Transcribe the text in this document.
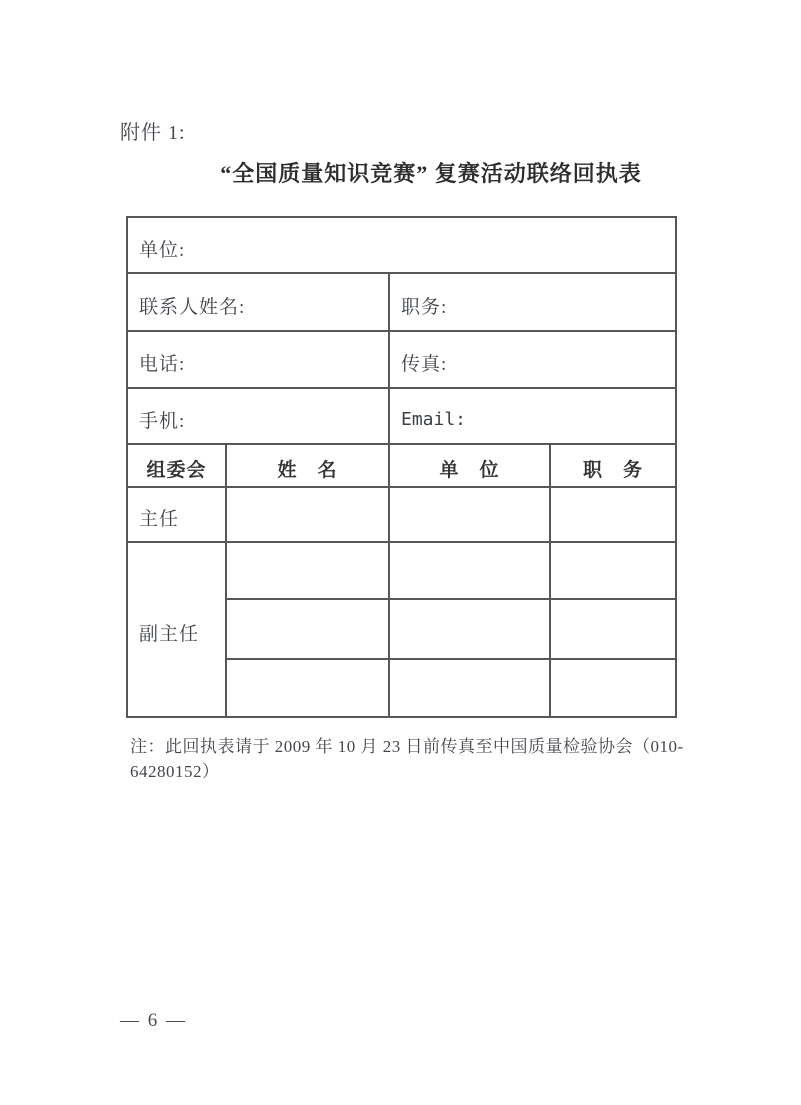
附件 1:
“全国质量知识竞赛” 复赛活动联络回执表
单位:			
联系人姓名:		职务:	
电话:		传真:	
手机:		Email:	
组委会	姓　名	单　位	职　务
主任			
副主任			

注：此回执表请于 2009 年 10 月 23 日前传真至中国质量检验协会（010-64280152）
— 6 —
